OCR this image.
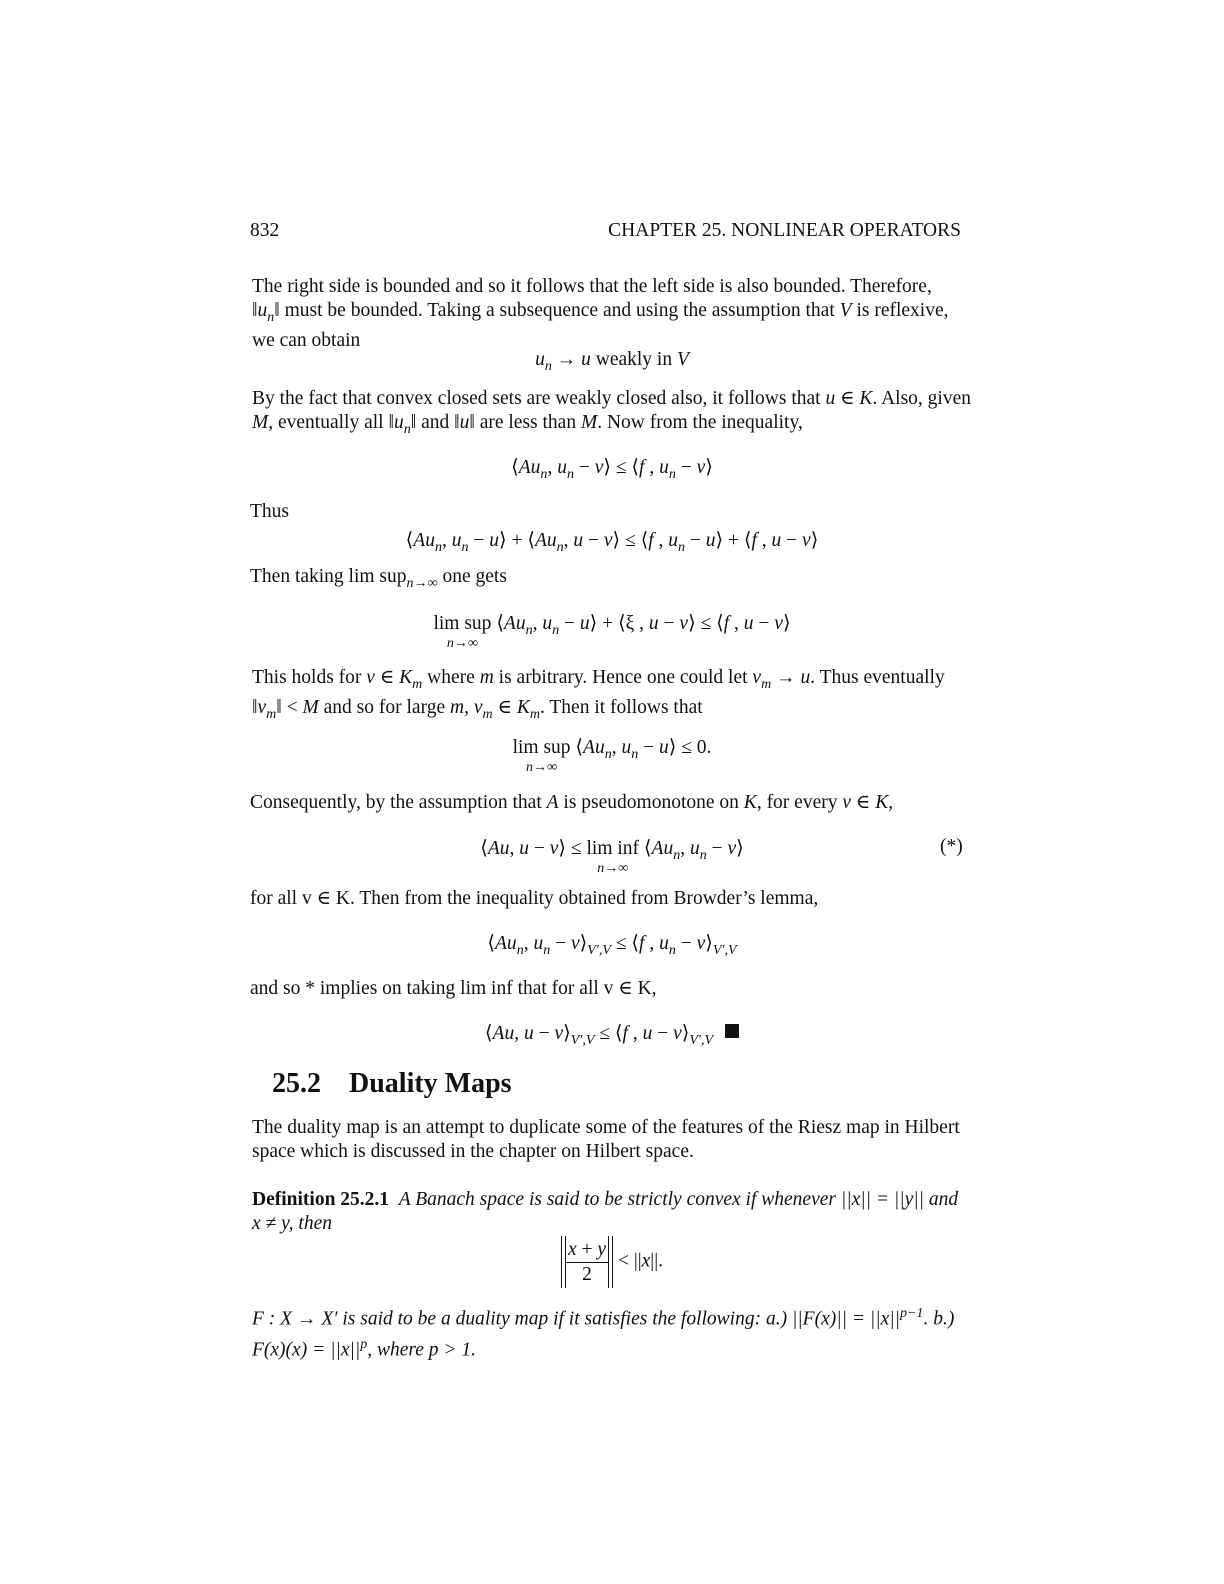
832	CHAPTER 25. NONLINEAR OPERATORS
The right side is bounded and so it follows that the left side is also bounded. Therefore,
$‖u_n‖$ must be bounded. Taking a subsequence and using the assumption that V is reflexive,
we can obtain
$u_n \to u$ weakly in V
By the fact that convex closed sets are weakly closed also, it follows that u ∈ K. Also, given
M, eventually all $‖u_n‖$ and ‖u‖ are less than M. Now from the inequality,
$⟨Au_n$, $u_n$ − v⟩ ≤ ⟨f , $u_n$ − v⟩
Thus
$⟨Au_n$, $u_n$ − u⟩ + $⟨Au_n$, u − v⟩ ≤ ⟨f , $u_n$ − u⟩ + ⟨f , u − v⟩
Then taking lim sup$_{n\to\infty}$ one gets
lim sup
n→∞
$⟨Au_n$, $u_n$ − u⟩ + ⟨ξ , u − v⟩ ≤ ⟨f , u − v⟩
This holds for v ∈ $K_m$ where m is arbitrary. Hence one could let $v_m \to u$. Thus eventually
$‖v_m‖ < M$ and so for large m, $v_m$ ∈ $K_m$. Then it follows that
lim sup
n→∞
$⟨Au_n$, $u_n$ − u⟩ ≤ 0.
Consequently, by the assumption that A is pseudomonotone on K, for every v ∈ K,
⟨Au, u − v⟩ ≤ lim inf
n→∞
$⟨Au_n$, $u_n$ − v⟩	(*)
for all v ∈ K. Then from the inequality obtained from Browder’s lemma,
$⟨Au_n$, $u_n$ − $v⟩_{V',V}$ ≤ ⟨f , $u_n$ − $v⟩_{V',V}$
and so * implies on taking lim inf that for all v ∈ K,
⟨Au, $u - v⟩_{V',V}$ ≤ ⟨f , $u - v⟩_{V',V}$
25.2 Duality Maps
The duality map is an attempt to duplicate some of the features of the Riesz map in Hilbert
space which is discussed in the chapter on Hilbert space.
Definition 25.2.1 A Banach space is said to be strictly convex if whenever ||x|| = ||y|| and
x ≠ y, then
$\frac{x + y}{2} < ||x||$.
F : X → X′ is said to be a duality map if it satisfies the following: a.) $||F(x)|| = ||x||^{p-1}$. b.)
$F(x)(x) = ||x||^p$, where p > 1.
